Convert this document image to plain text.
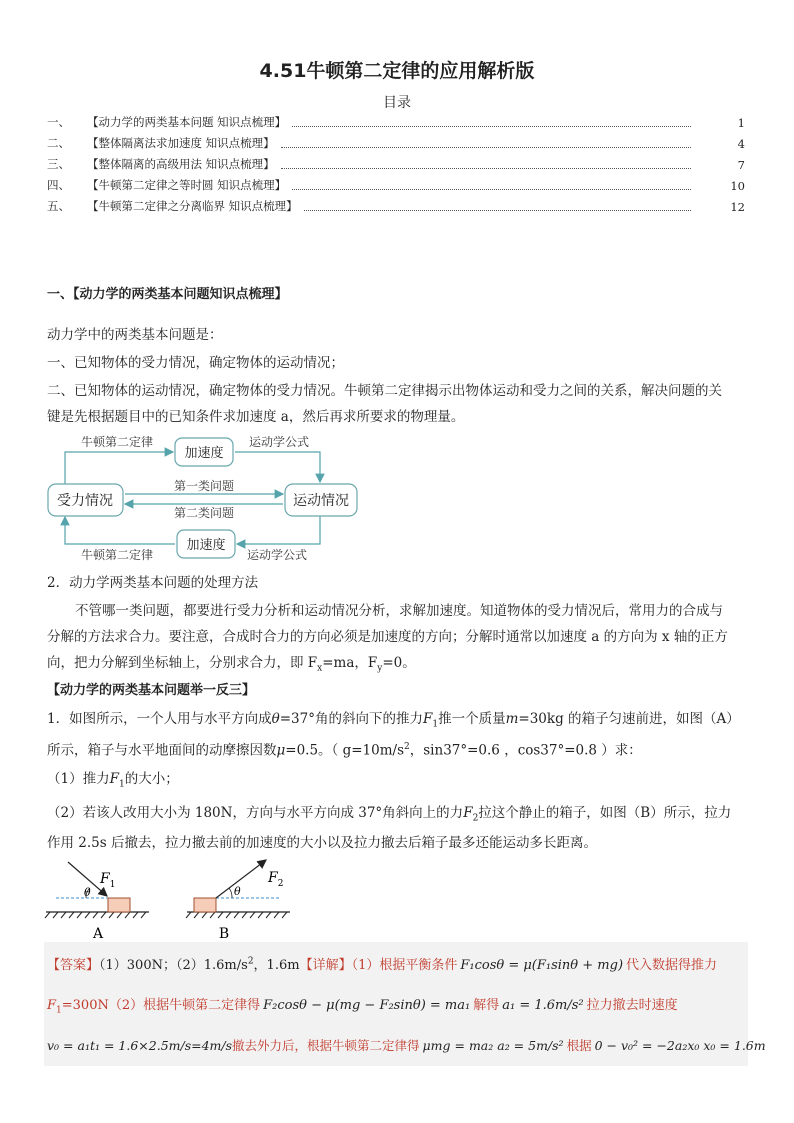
4.51牛顿第二定律的应用解析版
目录
一、	【动力学的两类基本问题 知识点梳理】	1
二、	【整体隔离法求加速度 知识点梳理】	4
三、	【整体隔离的高级用法 知识点梳理】	7
四、	【牛顿第二定律之等时圆 知识点梳理】	10
五、	【牛顿第二定律之分离临界 知识点梳理】	12
一、【动力学的两类基本问题知识点梳理】
动力学中的两类基本问题是：
一、已知物体的受力情况，确定物体的运动情况；
二、已知物体的运动情况，确定物体的受力情况。牛顿第二定律揭示出物体运动和受力之间的关系，解决问题的关
键是先根据题目中的已知条件求加速度 a，然后再求所要求的物理量。
受力情况	运动情况
加速度
加速度
牛顿第二定律	运动学公式
牛顿第二定律	运动学公式
第一类问题
第二类问题
2．动力学两类基本问题的处理方法
不管哪一类问题，都要进行受力分析和运动情况分析，求解加速度。知道物体的受力情况后，常用力的合成与
分解的方法求合力。要注意，合成时合力的方向必须是加速度的方向；分解时通常以加速度 a 的方向为 x 轴的正方
向，把力分解到坐标轴上，分别求合力，即 $F_x=ma$，$F_y=0$。
【动力学的两类基本问题举一反三】
1．如图所示，一个人用与水平方向成θ=37°角的斜向下的推力$F_1$推一个质量m=30kg 的箱子匀速前进，如图（A）
所示，箱子与水平地面间的动摩擦因数μ=0.5。（ $g=10m/s^2$，sin37°=0.6 ，cos37°=0.8 ）求：
（1）推力$F_1$的大小；
（2）若该人改用大小为 180N，方向与水平方向成 37°角斜向上的力$F_2$拉这个静止的箱子，如图（B）所示，拉力
作用 2.5s 后撤去，拉力撤去前的加速度的大小以及拉力撤去后箱子最多还能运动多长距离。
θ
$F_1$
A
θ
$F_2$
B
【答案】（1）300N；$(2)1.6m/s^2$，1.6m【详解】（1）根据平衡条件 F₁cosθ = μ(F₁sinθ + mg) 代入数据得推力
$F_1=300N(2)$根据牛顿第二定律得 F₂cosθ − μ(mg − F₂sinθ) = ma₁ 解得 a₁ = 1.6m/s² 拉力撤去时速度
v₀ = a₁t₁ = 1.6×2.5m/s=4m/s撤去外力后，根据牛顿第二定律得 μmg = ma₂ a₂ = 5m/s² 根据 0 − v₀² = −2a₂x₀ x₀ = 1.6m
